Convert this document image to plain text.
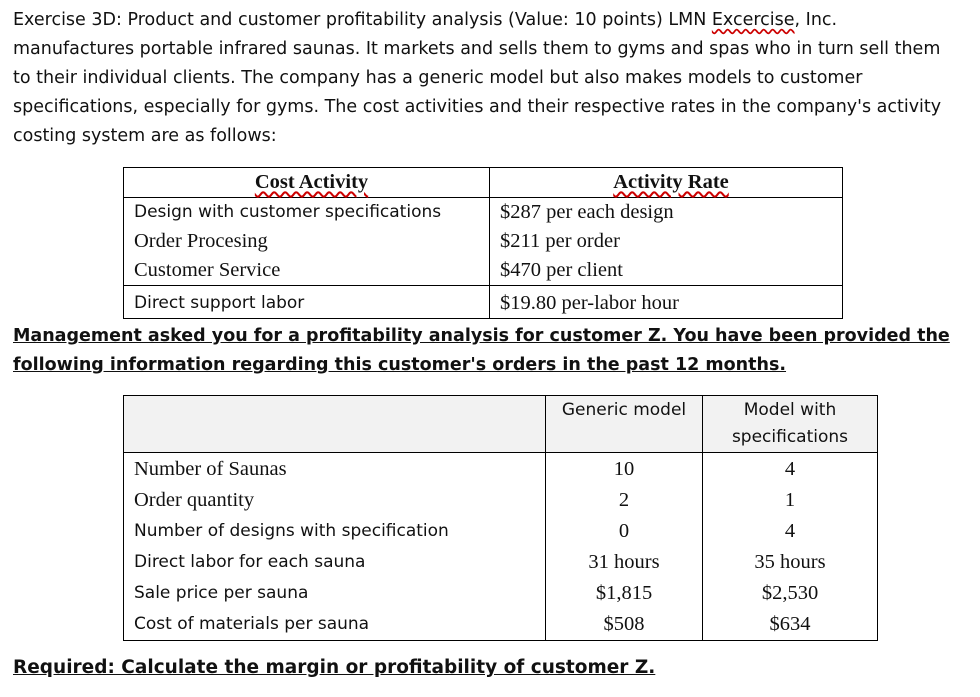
Exercise 3D: Product and customer profitability analysis (Value: 10 points) LMN Excercise, Inc. manufactures portable infrared saunas. It markets and sells them to gyms and spas who in turn sell them to their individual clients. The company has a generic model but also makes models to customer specifications, especially for gyms. The cost activities and their respective rates in the company's activity costing system are as follows:
Cost Activity	Activity Rate
Design with customer specifications	$287 per each design
Order Procesing	$211 per order
Customer Service	$470 per client
Direct support labor	$19.80 per-labor hour
Management asked you for a profitability analysis for customer Z. You have been provided the following information regarding this customer's orders in the past 12 months.
	Generic model	Model with specifications
Number of Saunas	10	4
Order quantity	2	1
Number of designs with specification	0	4
Direct labor for each sauna	31 hours	35 hours
Sale price per sauna	$1,815	$2,530
Cost of materials per sauna	$508	$634
Required: Calculate the margin or profitability of customer Z.
